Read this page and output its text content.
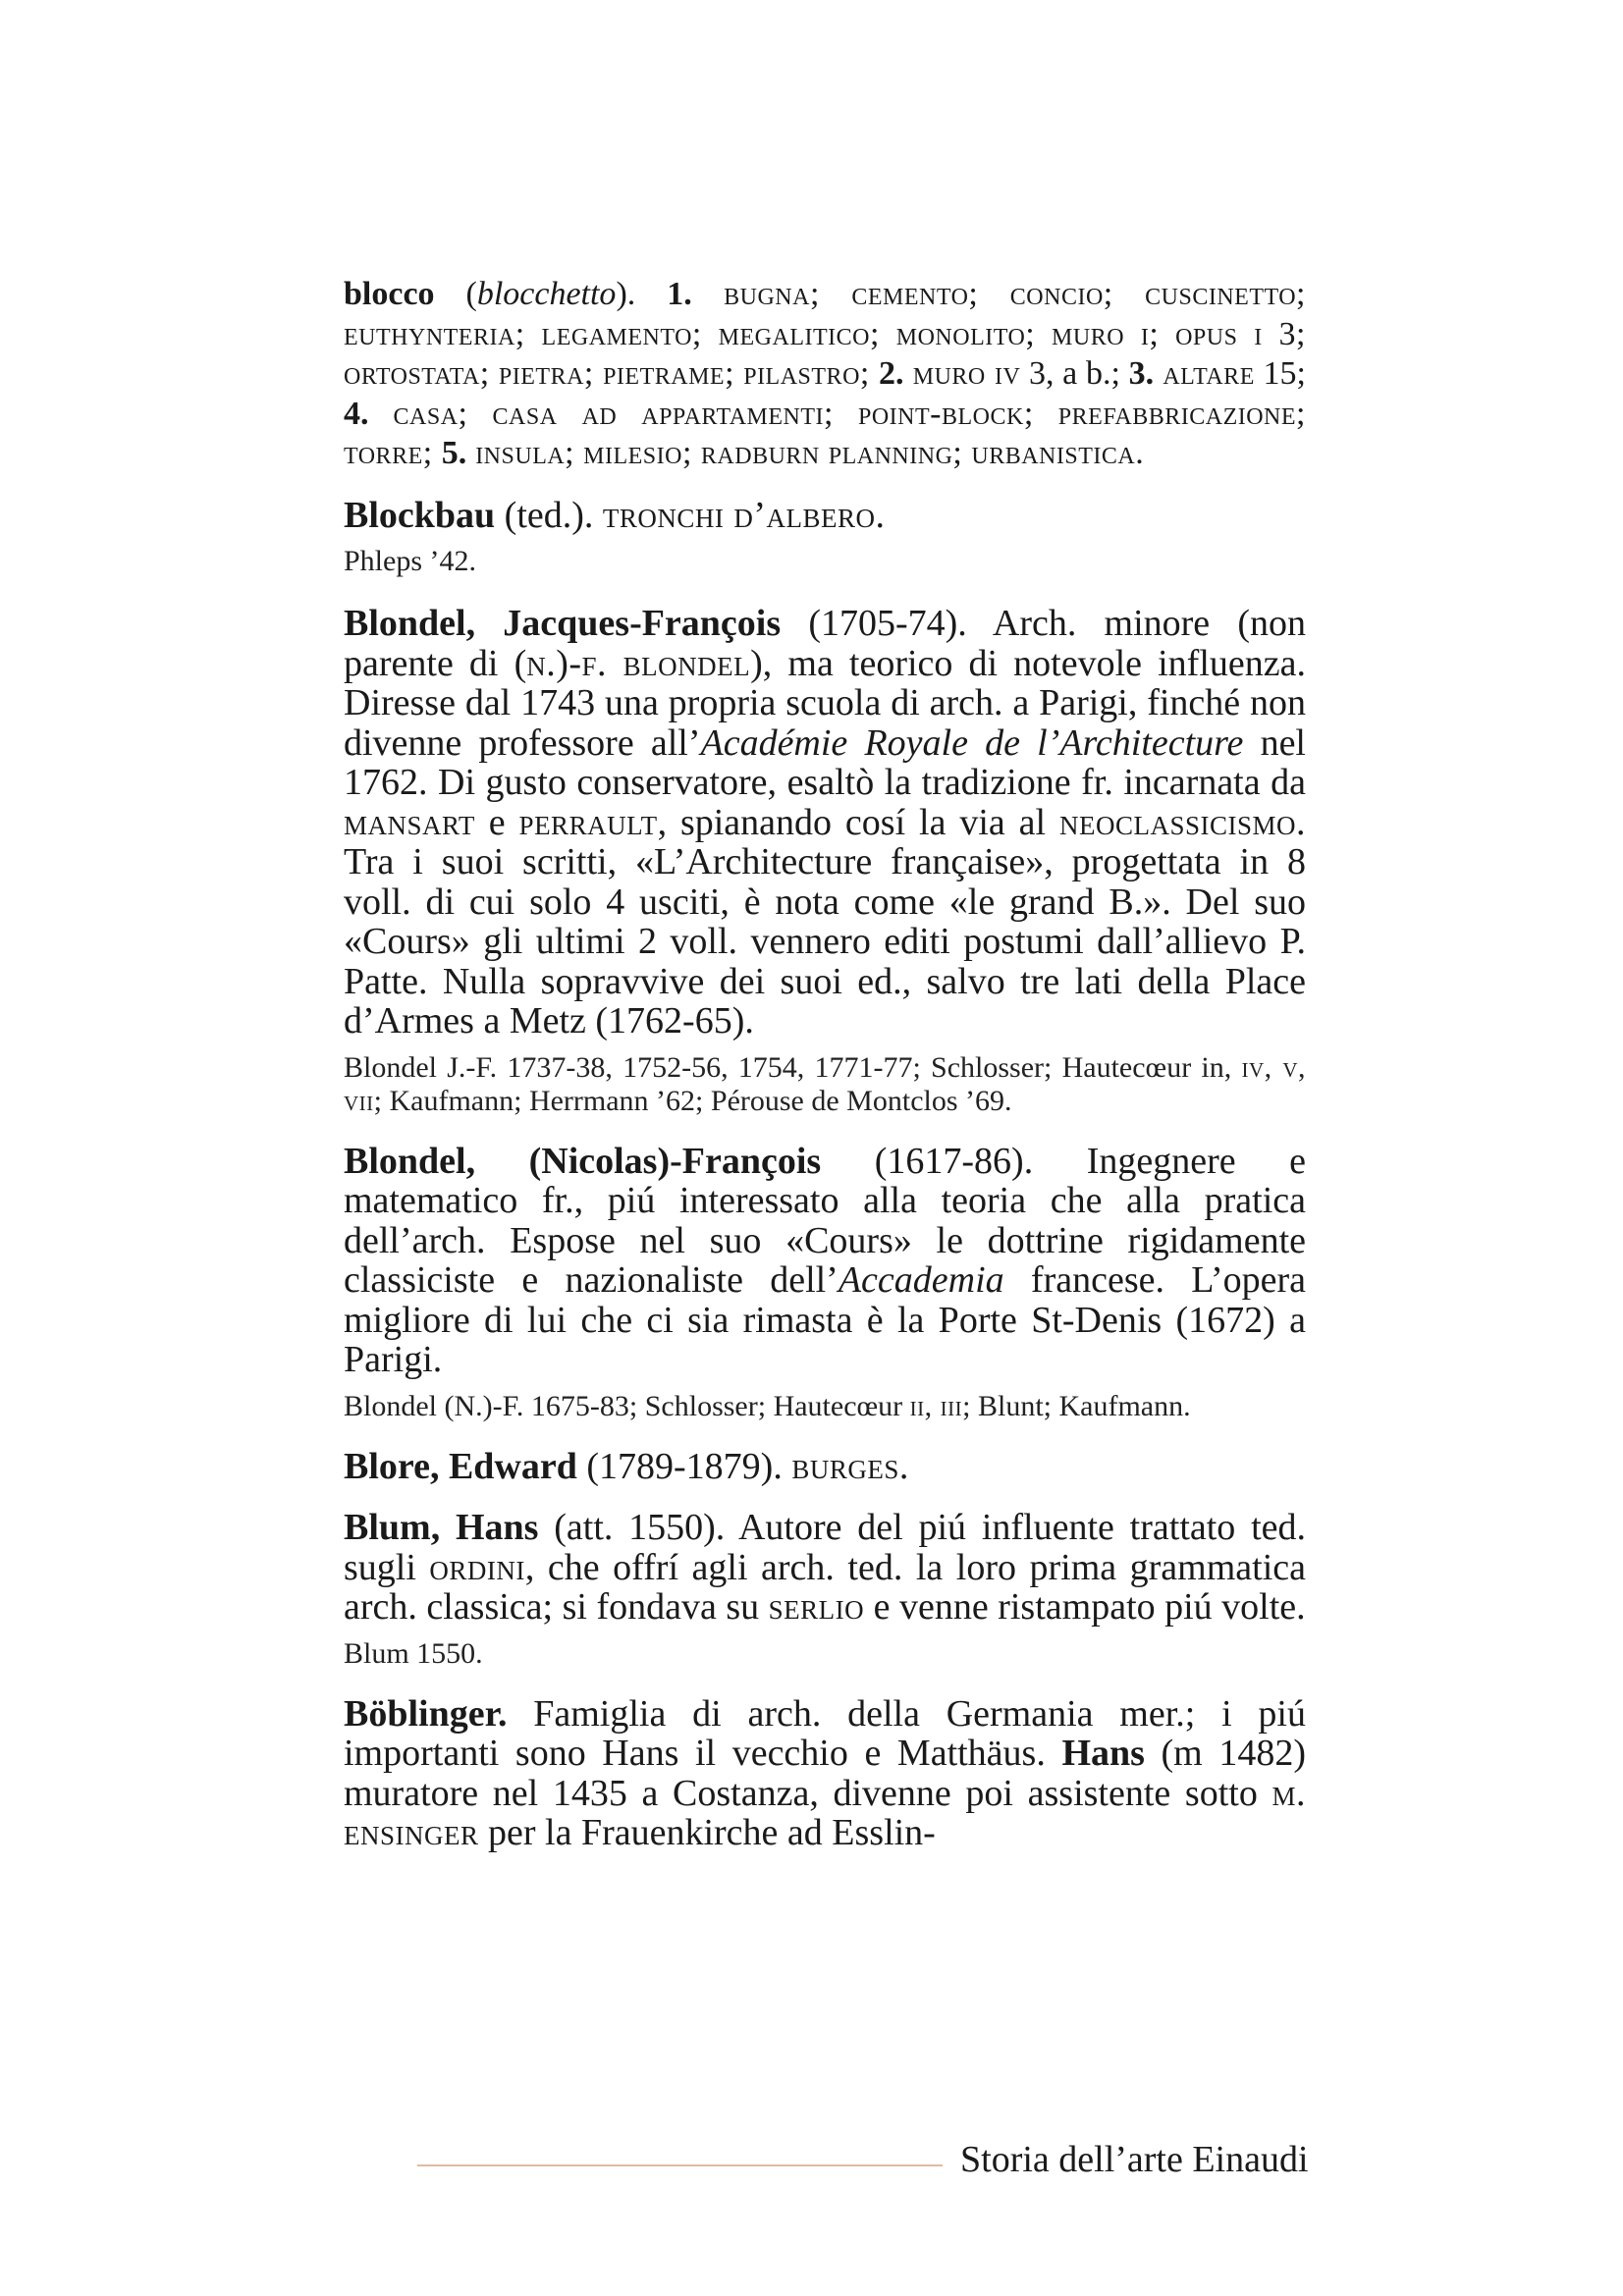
blocco (blocchetto). 1. bugna; cemento; concio; cuscinetto; euthynteria; legamento; megalitico; monolito; muro i; opus i 3; ortostata; pietra; pietrame; pilastro; 2. muro iv 3, a b.; 3. altare 15; 4. casa; casa ad appartamenti; point-block; prefabbricazione; torre; 5. insula; milesio; radburn planning; urbanistica.

Blockbau (ted.). tronchi d’albero.

Phleps ’42.

Blondel, Jacques-François (1705-74). Arch. minore (non parente di (n.)-f. blondel), ma teorico di notevole influenza. Diresse dal 1743 una propria scuola di arch. a Parigi, finché non divenne professore all’Académie Royale de l’Architecture nel 1762. Di gusto conservatore, esaltò la tradizione fr. incarnata da mansart e perrault, spianando cosí la via al neoclassicismo. Tra i suoi scritti, «L’Architecture française», progettata in 8 voll. di cui solo 4 usciti, è nota come «le grand B.». Del suo «Cours» gli ultimi 2 voll. vennero editi postumi dall’allievo P. Patte. Nulla sopravvive dei suoi ed., salvo tre lati della Place d’Armes a Metz (1762-65).

Blondel J.-F. 1737-38, 1752-56, 1754, 1771-77; Schlosser; Hautecœur in, iv, v, vii; Kaufmann; Herrmann ’62; Pérouse de Montclos ’69.

Blondel, (Nicolas)-François (1617-86). Ingegnere e matematico fr., piú interessato alla teoria che alla pratica dell’arch. Espose nel suo «Cours» le dottrine rigidamente classiciste e nazionaliste dell’Accademia francese. L’opera migliore di lui che ci sia rimasta è la Porte St-Denis (1672) a Parigi.

Blondel (N.)-F. 1675-83; Schlosser; Hautecœur ii, iii; Blunt; Kaufmann.

Blore, Edward (1789-1879). burges.

Blum, Hans (att. 1550). Autore del piú influente trattato ted. sugli ordini, che offrí agli arch. ted. la loro prima grammatica arch. classica; si fondava su serlio e venne ristampato piú volte.

Blum 1550.

Böblinger. Famiglia di arch. della Germania mer.; i piú importanti sono Hans il vecchio e Matthäus. Hans (m 1482) muratore nel 1435 a Costanza, divenne poi assistente sotto m. ensinger per la Frauenkirche ad Esslin-

Storia dell’arte Einaudi
